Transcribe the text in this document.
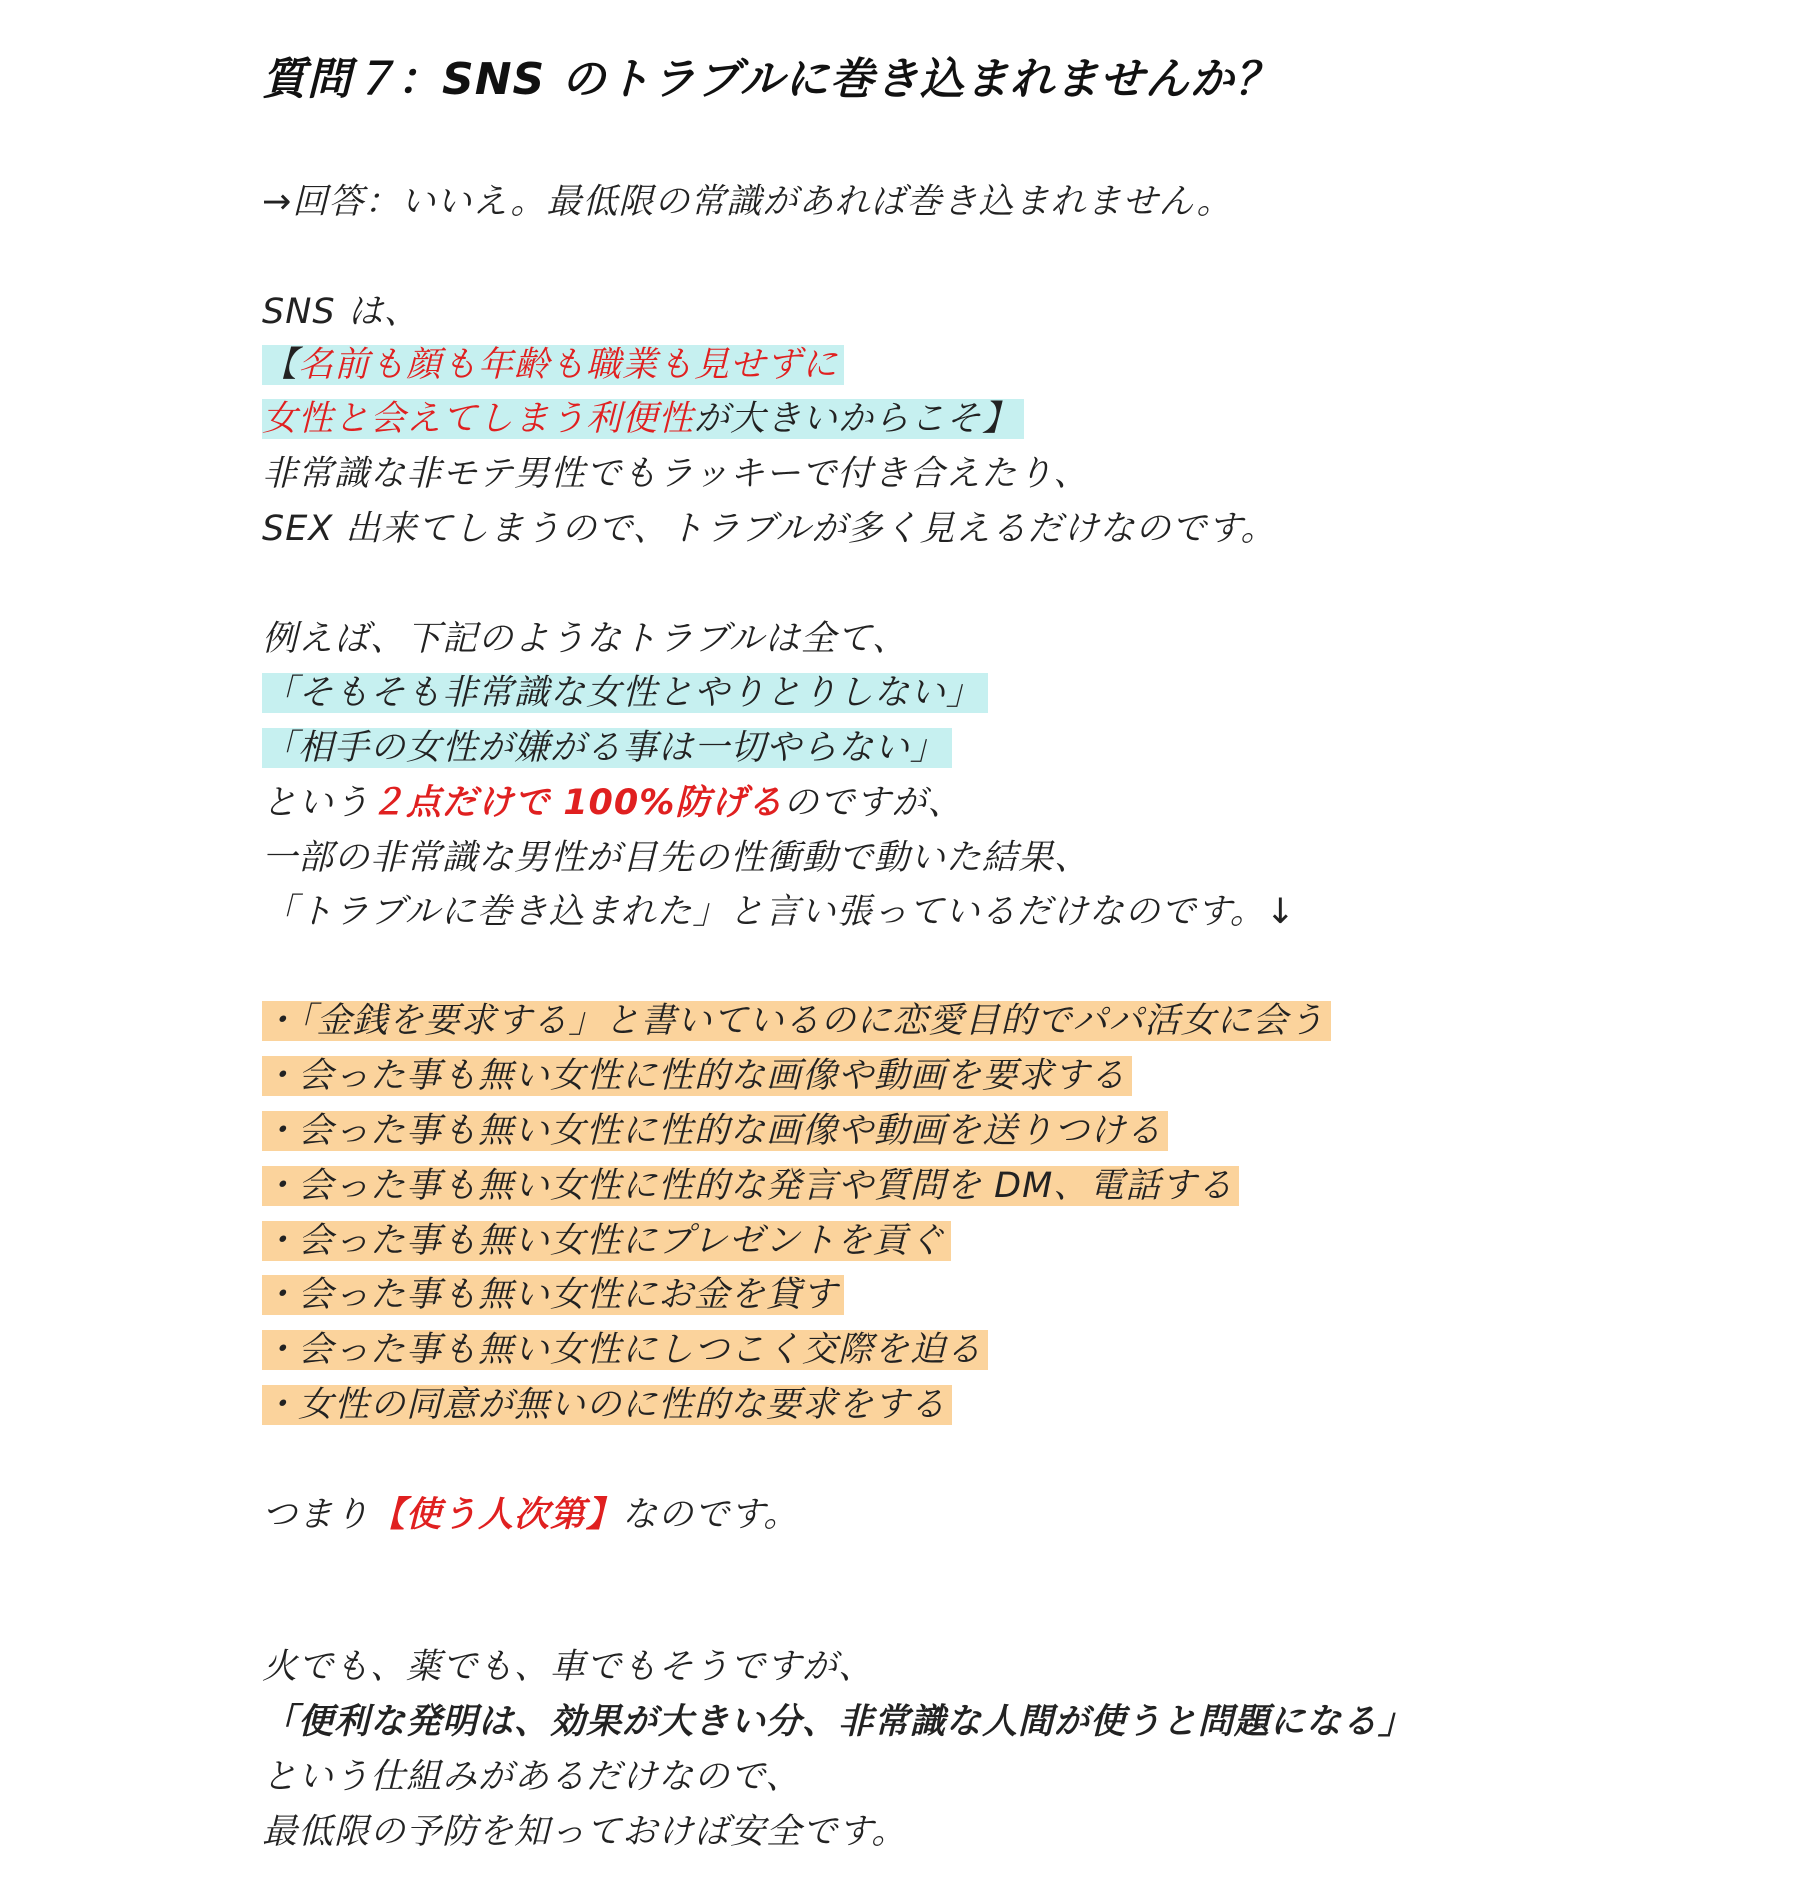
質問７：SNS のトラブルに巻き込まれませんか？
→回答：いいえ。最低限の常識があれば巻き込まれません。
SNS は、
【名前も顔も年齢も職業も見せずに
女性と会えてしまう利便性が大きいからこそ】
非常識な非モテ男性でもラッキーで付き合えたり、
SEX 出来てしまうので、トラブルが多く見えるだけなのです。
例えば、下記のようなトラブルは全て、
「そもそも非常識な女性とやりとりしない」
「相手の女性が嫌がる事は一切やらない」
という２点だけで 100%防げるのですが、
一部の非常識な男性が目先の性衝動で動いた結果、
「トラブルに巻き込まれた」と言い張っているだけなのです。↓
・「金銭を要求する」と書いているのに恋愛目的でパパ活女に会う
・会った事も無い女性に性的な画像や動画を要求する
・会った事も無い女性に性的な画像や動画を送りつける
・会った事も無い女性に性的な発言や質問を DM、電話する
・会った事も無い女性にプレゼントを貢ぐ
・会った事も無い女性にお金を貸す
・会った事も無い女性にしつこく交際を迫る
・女性の同意が無いのに性的な要求をする
つまり【使う人次第】なのです。
火でも、薬でも、車でもそうですが、
「便利な発明は、効果が大きい分、非常識な人間が使うと問題になる」
という仕組みがあるだけなので、
最低限の予防を知っておけば安全です。
